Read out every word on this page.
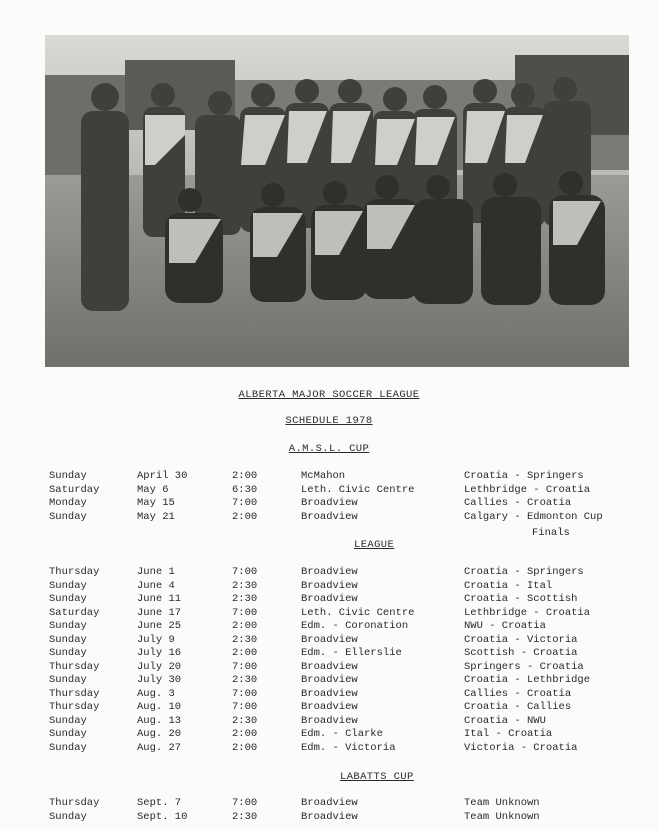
ALBERTA MAJOR SOCCER LEAGUE
SCHEDULE 1978
A.M.S.L. CUP
Sunday	April 30	2:00	McMahon	Croatia - Springers
Saturday	May 6	6:30	Leth. Civic Centre	Lethbridge - Croatia
Monday	May 15	7:00	Broadview	Callies - Croatia
Sunday	May 21	2:00	Broadview	Calgary - Edmonton Cup
Finals
LEAGUE
Thursday	June 1	7:00	Broadview	Croatia - Springers
Sunday	June 4	2:30	Broadview	Croatia - Ital
Sunday	June 11	2:30	Broadview	Croatia - Scottish
Saturday	June 17	7:00	Leth. Civic Centre	Lethbridge - Croatia
Sunday	June 25	2:00	Edm. - Coronation	NWU - Croatia
Sunday	July 9	2:30	Broadview	Croatia - Victoria
Sunday	July 16	2:00	Edm. - Ellerslie	Scottish - Croatia
Thursday	July 20	7:00	Broadview	Springers - Croatia
Sunday	July 30	2:30	Broadview	Croatia - Lethbridge
Thursday	Aug. 3	7:00	Broadview	Callies - Croatia
Thursday	Aug. 10	7:00	Broadview	Croatia - Callies
Sunday	Aug. 13	2:30	Broadview	Croatia - NWU
Sunday	Aug. 20	2:00	Edm. - Clarke	Ital - Croatia
Sunday	Aug. 27	2:00	Edm. - Victoria	Victoria - Croatia
LABATTS CUP
Thursday	Sept. 7	7:00	Broadview	Team Unknown
Sunday	Sept. 10	2:30	Broadview	Team Unknown
